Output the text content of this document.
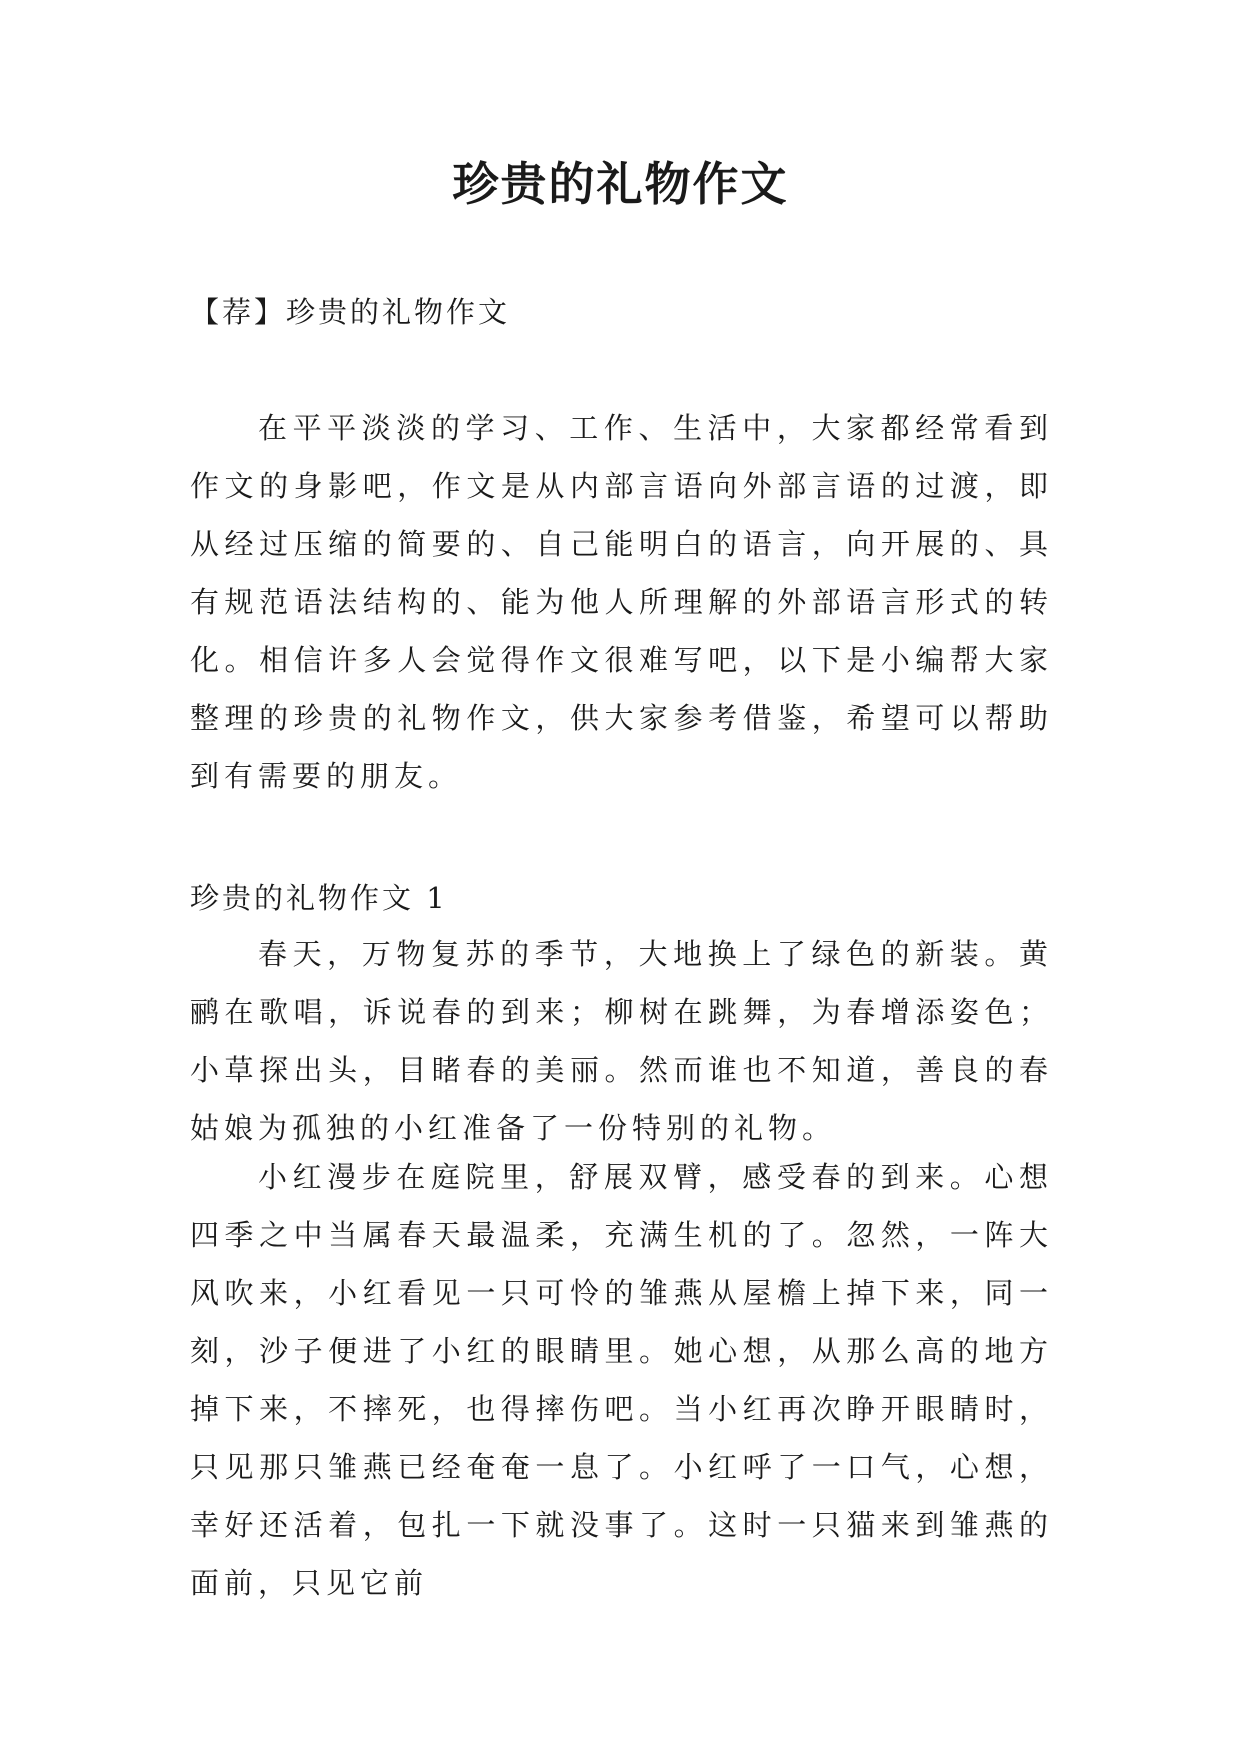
珍贵的礼物作文
【荐】珍贵的礼物作文

在平平淡淡的学习、工作、生活中，大家都经常看到作文的身影吧，作文是从内部言语向外部言语的过渡，即从经过压缩的简要的、自己能明白的语言，向开展的、具有规范语法结构的、能为他人所理解的外部语言形式的转化。相信许多人会觉得作文很难写吧，以下是小编帮大家整理的珍贵的礼物作文，供大家参考借鉴，希望可以帮助到有需要的朋友。

珍贵的礼物作文 1

春天，万物复苏的季节，大地换上了绿色的新装。黄鹂在歌唱，诉说春的到来；柳树在跳舞，为春增添姿色；小草探出头，目睹春的美丽。然而谁也不知道，善良的春姑娘为孤独的小红准备了一份特别的礼物。

小红漫步在庭院里，舒展双臂，感受春的到来。心想四季之中当属春天最温柔，充满生机的了。忽然，一阵大风吹来，小红看见一只可怜的雏燕从屋檐上掉下来，同一刻，沙子便进了小红的眼睛里。她心想，从那么高的地方掉下来，不摔死，也得摔伤吧。当小红再次睁开眼睛时，只见那只雏燕已经奄奄一息了。小红呼了一口气，心想，幸好还活着，包扎一下就没事了。这时一只猫来到雏燕的面前，只见它前
